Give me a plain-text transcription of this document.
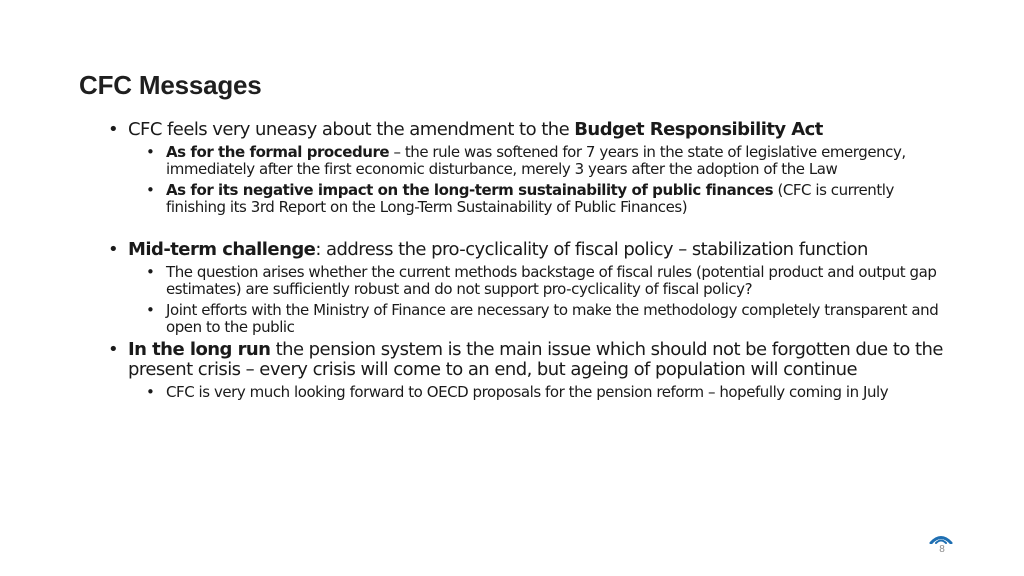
CFC Messages
• CFC feels very uneasy about the amendment to the Budget Responsibility Act
• As for the formal procedure – the rule was softened for 7 years in the state of legislative emergency, immediately after the first economic disturbance, merely 3 years after the adoption of the Law
• As for its negative impact on the long-term sustainability of public finances (CFC is currently finishing its 3rd Report on the Long-Term Sustainability of Public Finances)
• Mid-term challenge: address the pro-cyclicality of fiscal policy – stabilization function
• The question arises whether the current methods backstage of fiscal rules (potential product and output gap estimates) are sufficiently robust and do not support pro-cyclicality of fiscal policy?
• Joint efforts with the Ministry of Finance are necessary to make the methodology completely transparent and open to the public
• In the long run the pension system is the main issue which should not be forgotten due to the present crisis – every crisis will come to an end, but ageing of population will continue
• CFC is very much looking forward to OECD proposals for the pension reform – hopefully coming in July
8
